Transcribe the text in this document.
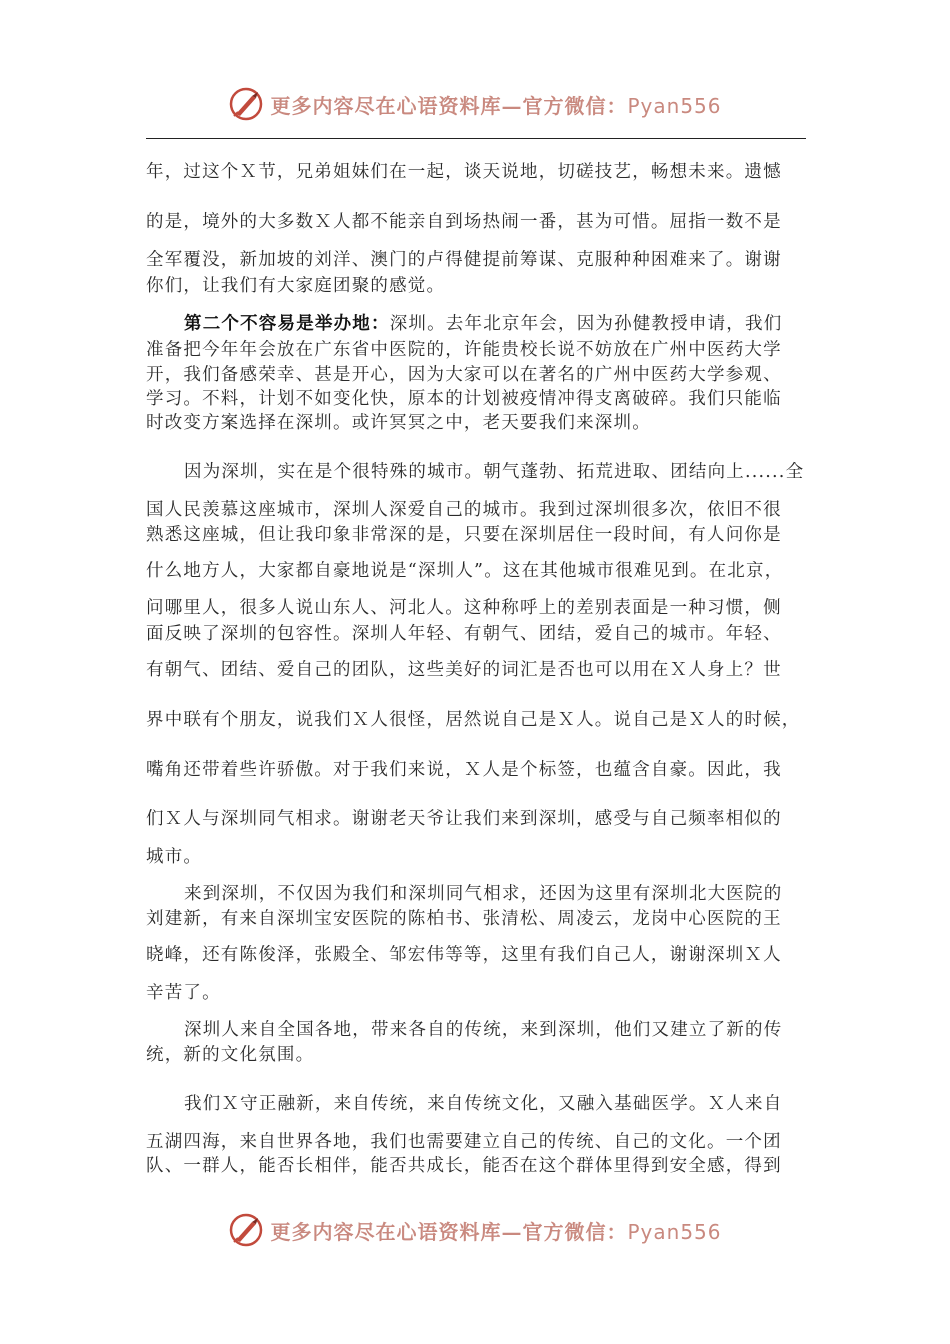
更多内容尽在心语资料库—官方微信：Pyan556

年，过这个Ｘ节，兄弟姐妹们在一起，谈天说地，切磋技艺，畅想未来。遗憾

的是，境外的大多数Ｘ人都不能亲自到场热闹一番，甚为可惜。屈指一数不是

全军覆没，新加坡的刘洋、澳门的卢得健提前筹谋、克服种种困难来了。谢谢

你们，让我们有大家庭团聚的感觉。

第二个不容易是举办地：深圳。去年北京年会，因为孙健教授申请，我们

准备把今年年会放在广东省中医院的，许能贵校长说不妨放在广州中医药大学

开，我们备感荣幸、甚是开心，因为大家可以在著名的广州中医药大学参观、

学习。不料，计划不如变化快，原本的计划被疫情冲得支离破碎。我们只能临

时改变方案选择在深圳。或许冥冥之中，老天要我们来深圳。

因为深圳，实在是个很特殊的城市。朝气蓬勃、拓荒进取、团结向上......全

国人民羡慕这座城市，深圳人深爱自己的城市。我到过深圳很多次，依旧不很

熟悉这座城，但让我印象非常深的是，只要在深圳居住一段时间，有人问你是

什么地方人，大家都自豪地说是“深圳人”。这在其他城市很难见到。在北京，

问哪里人，很多人说山东人、河北人。这种称呼上的差别表面是一种习惯，侧

面反映了深圳的包容性。深圳人年轻、有朝气、团结，爱自己的城市。年轻、

有朝气、团结、爱自己的团队，这些美好的词汇是否也可以用在Ｘ人身上？世

界中联有个朋友，说我们Ｘ人很怪，居然说自己是Ｘ人。说自己是Ｘ人的时候，

嘴角还带着些许骄傲。对于我们来说，Ｘ人是个标签，也蕴含自豪。因此，我

们Ｘ人与深圳同气相求。谢谢老天爷让我们来到深圳，感受与自己频率相似的

城市。

来到深圳，不仅因为我们和深圳同气相求，还因为这里有深圳北大医院的

刘建新，有来自深圳宝安医院的陈柏书、张清松、周凌云，龙岗中心医院的王

晓峰，还有陈俊泽，张殿全、邹宏伟等等，这里有我们自己人，谢谢深圳Ｘ人

辛苦了。

深圳人来自全国各地，带来各自的传统，来到深圳，他们又建立了新的传

统，新的文化氛围。

我们Ｘ守正融新，来自传统，来自传统文化，又融入基础医学。Ｘ人来自

五湖四海，来自世界各地，我们也需要建立自己的传统、自己的文化。一个团

队、一群人，能否长相伴，能否共成长，能否在这个群体里得到安全感，得到

更多内容尽在心语资料库—官方微信：Pyan556
